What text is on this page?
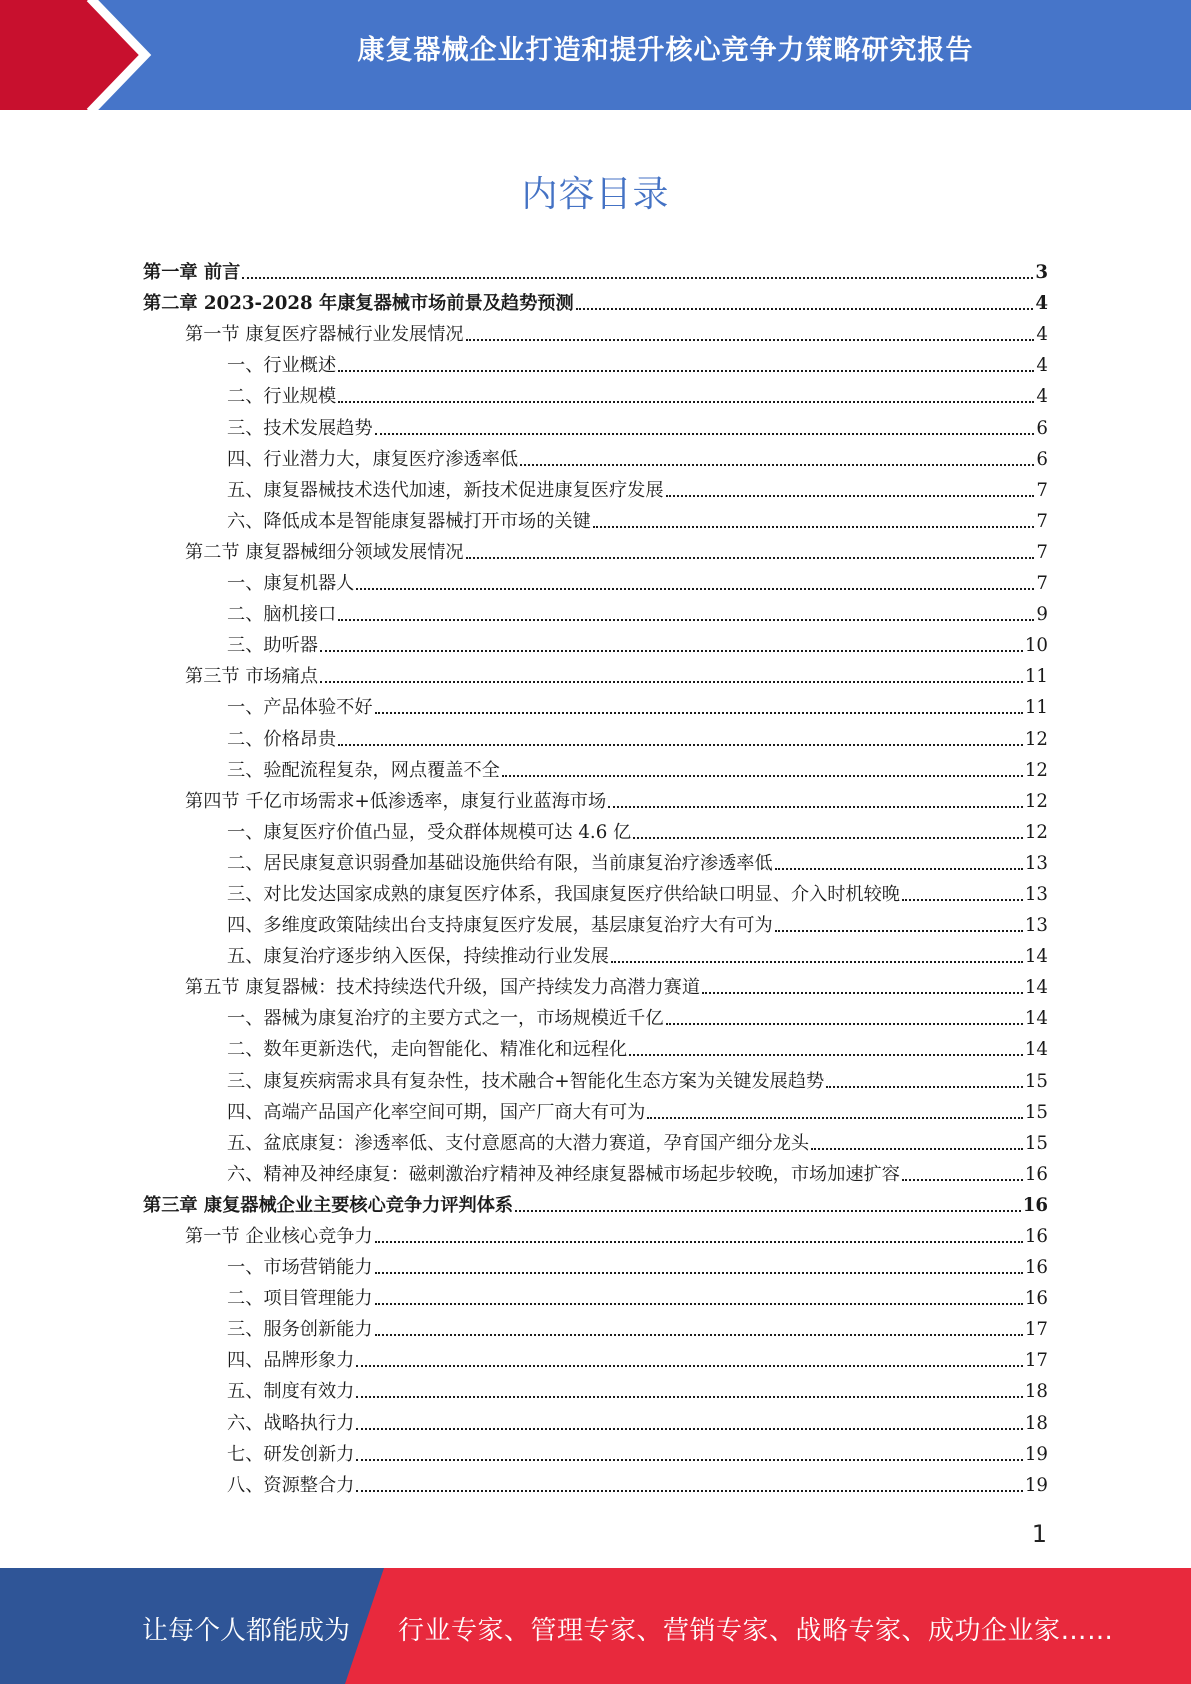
康复器械企业打造和提升核心竞争力策略研究报告
内容目录
第一章 前言	3
第二章 2023-2028 年康复器械市场前景及趋势预测	4
第一节 康复医疗器械行业发展情况	4
一、行业概述	4
二、行业规模	4
三、技术发展趋势	6
四、行业潜力大，康复医疗渗透率低	6
五、康复器械技术迭代加速，新技术促进康复医疗发展	7
六、降低成本是智能康复器械打开市场的关键	7
第二节 康复器械细分领域发展情况	7
一、康复机器人	7
二、脑机接口	9
三、助听器	10
第三节 市场痛点	11
一、产品体验不好	11
二、价格昂贵	12
三、验配流程复杂，网点覆盖不全	12
第四节 千亿市场需求+低渗透率，康复行业蓝海市场	12
一、康复医疗价值凸显，受众群体规模可达 4.6 亿	12
二、居民康复意识弱叠加基础设施供给有限，当前康复治疗渗透率低	13
三、对比发达国家成熟的康复医疗体系，我国康复医疗供给缺口明显、介入时机较晚	13
四、多维度政策陆续出台支持康复医疗发展，基层康复治疗大有可为	13
五、康复治疗逐步纳入医保，持续推动行业发展	14
第五节 康复器械：技术持续迭代升级，国产持续发力高潜力赛道	14
一、器械为康复治疗的主要方式之一，市场规模近千亿	14
二、数年更新迭代，走向智能化、精准化和远程化	14
三、康复疾病需求具有复杂性，技术融合+智能化生态方案为关键发展趋势	15
四、高端产品国产化率空间可期，国产厂商大有可为	15
五、盆底康复：渗透率低、支付意愿高的大潜力赛道，孕育国产细分龙头	15
六、精神及神经康复：磁刺激治疗精神及神经康复器械市场起步较晚，市场加速扩容	16
第三章 康复器械企业主要核心竞争力评判体系	16
第一节 企业核心竞争力	16
一、市场营销能力	16
二、项目管理能力	16
三、服务创新能力	17
四、品牌形象力	17
五、制度有效力	18
六、战略执行力	18
七、研发创新力	19
八、资源整合力	19
1
让每个人都能成为 行业专家、管理专家、营销专家、战略专家、成功企业家……
